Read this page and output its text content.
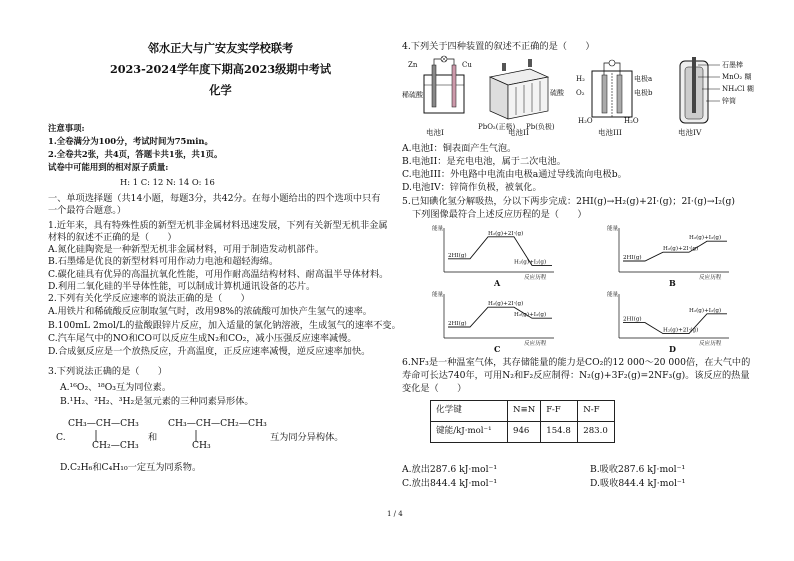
邻水正大与广安友实学校联考
2023-2024学年度下期高2023级期中考试
化学
注意事项:
1.全卷满分为100分，考试时间为75min。
2.全卷共2张，共4页，答题卡共1张，共1页。
试卷中可能用到的相对原子质量:
H: 1 C: 12 N: 14 O: 16
一、单项选择题（共14小题，每题3分，共42分。在每小题给出的四个选项中只有
一个最符合题意。）
1.近年来，具有特殊性质的新型无机非金属材料迅速发展，下列有关新型无机非金属
材料的叙述不正确的是（　　）
A.氮化硅陶瓷是一种新型无机非金属材料，可用于制造发动机部件。
B.石墨烯是优良的新型材料可用作动力电池和超轻海绵。
C.碳化硅具有优异的高温抗氧化性能，可用作耐高温结构材料、耐高温半导体材料。
D.利用二氧化硅的半导体性能，可以制成计算机通讯设备的芯片。
2.下列有关化学反应速率的说法正确的是（　　）
A.用铁片和稀硫酸反应制取氢气时，改用98%的浓硫酸可加快产生氢气的速率。
B.100mL 2mol/L的盐酸跟锌片反应，加入适量的氯化钠溶液，生成氢气的速率不变。
C.汽车尾气中的NO和CO可以反应生成N₂和CO₂，减小压强反应速率减慢。
D.合成氨反应是一个放热反应，升高温度，正反应速率减慢，逆反应速率加快。
3.下列说法正确的是（　　）
A.¹⁶O₂、¹⁸O₃互为同位素。
B.¹H₂、²H₂、³H₂是氢元素的三种同素异形体。
C.
CH₃—CH—CH₃
CH₂—CH₃
和
CH₃—CH—CH₂—CH₃
CH₃
互为同分异构体。
D.C₂H₆和C₄H₁₀一定互为同系物。
4.下列关于四种装置的叙述不正确的是（　　）
Zn	Cu
稀硫酸	硫酸
PbO₂(正极) Pb(负极)
H₂
O₂
电极a
电极b
H₂O	H₂O
石墨棒
MnO₂ 糊
NH₄Cl 糊
锌筒
电池I	电池II	电池III	电池IV
A.电池I：铜表面产生气泡。
B.电池II：是充电电池，属于二次电池。
C.电池III：外电路中电流由电极a通过导线流向电极b。
D.电池IV：锌筒作负极，被氧化。
5.已知碘化氢分解吸热，分以下两步完成：2HI(g)→H₂(g)+2I·(g)；2I·(g)→I₂(g)
下列图像最符合上述反应历程的是（　　）
能量
反应历程
2HI(g)
H₂(g)+2I·(g)
H₂(g)+I₂(g)
A
能量
反应历程
2HI(g)
H₂(g)+2I·(g)
H₂(g)+I₂(g)
B
能量
反应历程
2HI(g)
H₂(g)+2I·(g)
H₂(g)+I₂(g)
C
能量
反应历程
2HI(g)
H₂(g)+2I·(g)
H₂(g)+I₂(g)
D
6.NF₃是一种温室气体，其存储能量的能力是CO₂的12 000～20 000倍，在大气中的
寿命可长达740年，可用N₂和F₂反应制得：N₂(g)+3F₂(g)=2NF₃(g)。该反应的热量
变化是（　　）
化学键	N≡N	F-F	N-F
键能/kJ·mol⁻¹	946	154.8	283.0
A.放出287.6 kJ·mol⁻¹	B.吸收287.6 kJ·mol⁻¹
C.放出844.4 kJ·mol⁻¹	D.吸收844.4 kJ·mol⁻¹
1 / 4
